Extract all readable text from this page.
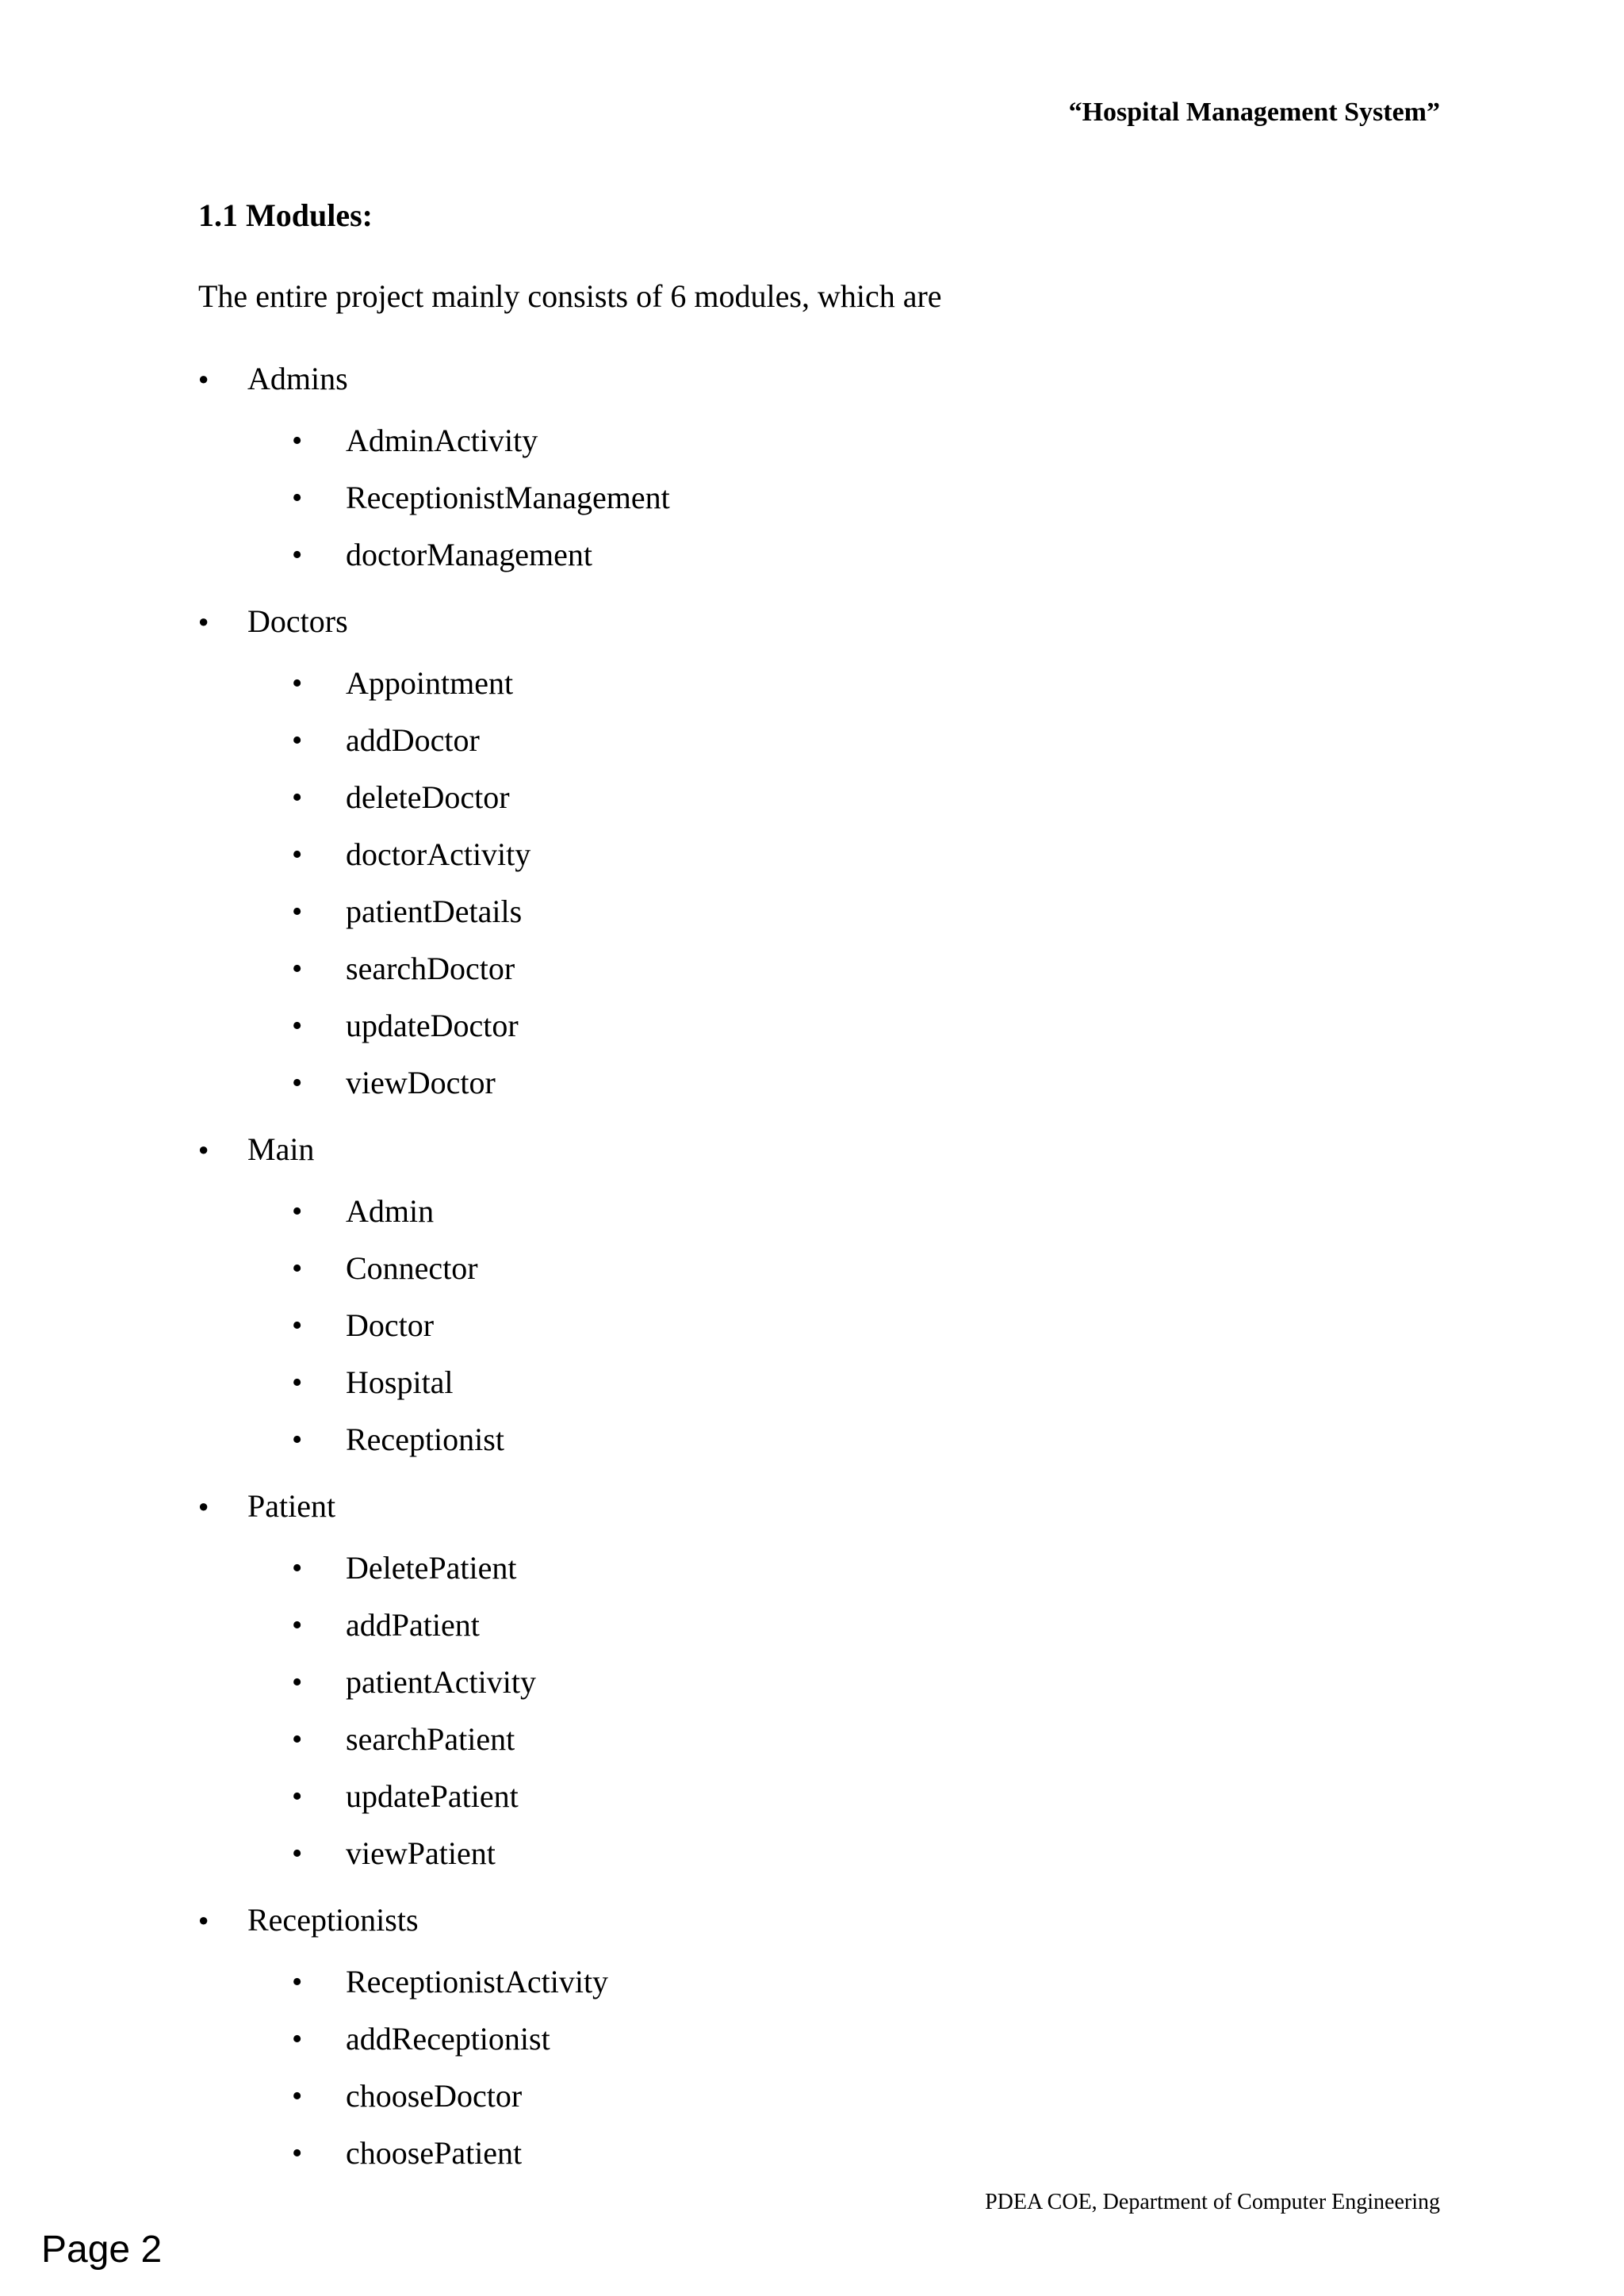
“Hospital Management System”
1.1 Modules:

The entire project mainly consists of 6 modules, which are

●	Admins
•	AdminActivity
•	ReceptionistManagement
•	doctorManagement
●	Doctors
•	Appointment
•	addDoctor
•	deleteDoctor
•	doctorActivity
•	patientDetails
•	searchDoctor
•	updateDoctor
•	viewDoctor
●	Main
•	Admin
•	Connector
•	Doctor
•	Hospital
•	Receptionist
●	Patient
•	DeletePatient
•	addPatient
•	patientActivity
•	searchPatient
•	updatePatient
•	viewPatient
●	Receptionists
•	ReceptionistActivity
•	addReceptionist
•	chooseDoctor
•	choosePatient
PDEA COE, Department of Computer Engineering
Page 2
